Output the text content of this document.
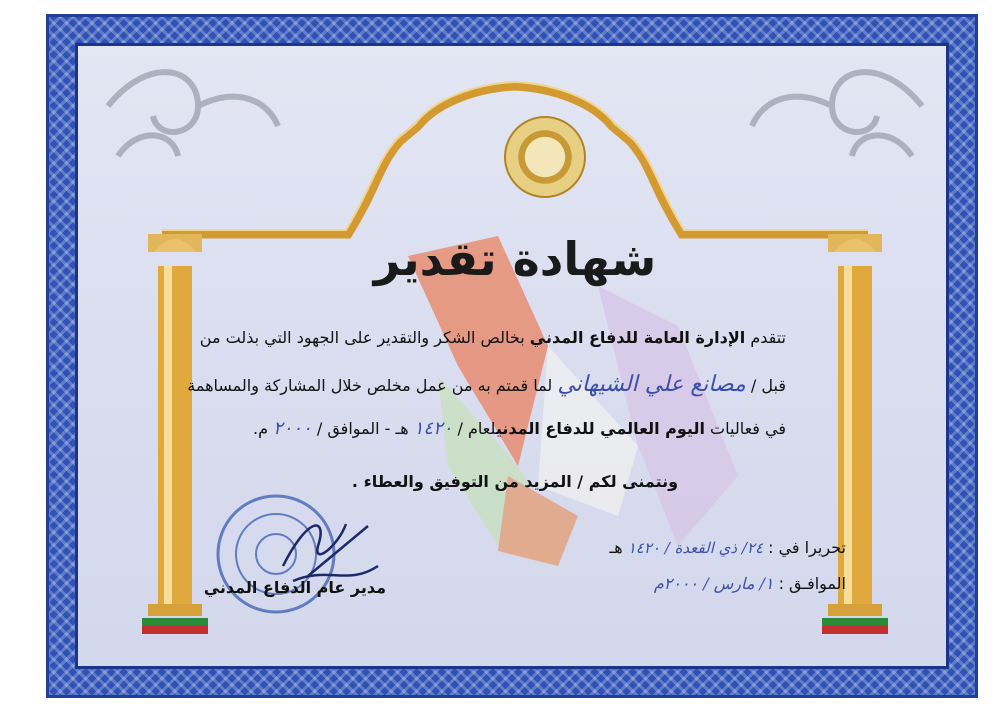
شهادة تقدير
تتقدم الإدارة العامة للدفاع المدني بخالص الشكر والتقدير على الجهود التي بذلت من
قبل / مصانع علي الشيهاني لما قمتم به من عمل مخلص خلال المشاركة والمساهمة
في فعاليات اليوم العالمي للدفاع المدنيلعام / ١٤٢٠ هـ - الموافق / ٢٠٠٠ م.
ونتمنى لكم / المزيد من التوفيق والعطاء .
تحريرا في : ٢٤/ ذي القعدة / ١٤٢٠ هـ
الموافـق : ١/ مارس / ٢٠٠٠م
مدير عام الدفاع المدني
